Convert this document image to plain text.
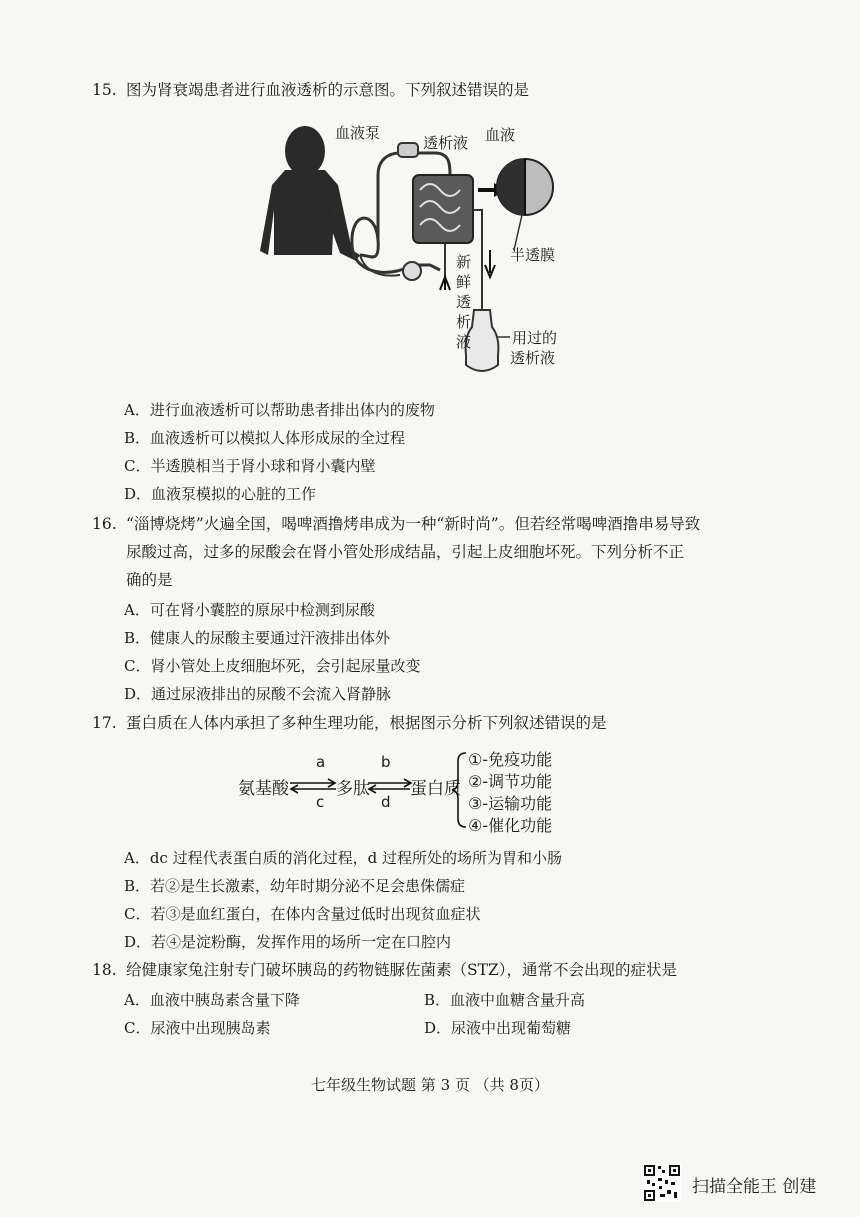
15. 图为肾衰竭患者进行血液透析的示意图。下列叙述错误的是
血液泵
透析液 血液
半透膜
新
鲜
透
析
液	用过的
透析液
A．进行血液透析可以帮助患者排出体内的废物
B．血液透析可以模拟人体形成尿的全过程
C．半透膜相当于肾小球和肾小囊内壁
D．血液泵模拟的心脏的工作
16. “淄博烧烤”火遍全国，喝啤酒撸烤串成为一种“新时尚”。但若经常喝啤酒撸串易导致
尿酸过高，过多的尿酸会在肾小管处形成结晶，引起上皮细胞坏死。下列分析不正
确的是
A．可在肾小囊腔的原尿中检测到尿酸
B．健康人的尿酸主要通过汗液排出体外
C．肾小管处上皮细胞坏死，会引起尿量改变
D．通过尿液排出的尿酸不会流入肾静脉
17. 蛋白质在人体内承担了多种生理功能，根据图示分析下列叙述错误的是
氨基酸
a
c
多肽
b
d
蛋白质
①-免疫功能
②-调节功能
③-运输功能
④-催化功能
A．dc 过程代表蛋白质的消化过程，d 过程所处的场所为胃和小肠
B．若②是生长激素，幼年时期分泌不足会患侏儒症
C．若③是血红蛋白，在体内含量过低时出现贫血症状
D．若④是淀粉酶，发挥作用的场所一定在口腔内
18. 给健康家兔注射专门破坏胰岛的药物链脲佐菌素（STZ），通常不会出现的症状是
A．血液中胰岛素含量下降	B．血液中血糖含量升高
C．尿液中出现胰岛素	D．尿液中出现葡萄糖
七年级生物试题 第 3 页 （共 8页）
扫描全能王 创建
